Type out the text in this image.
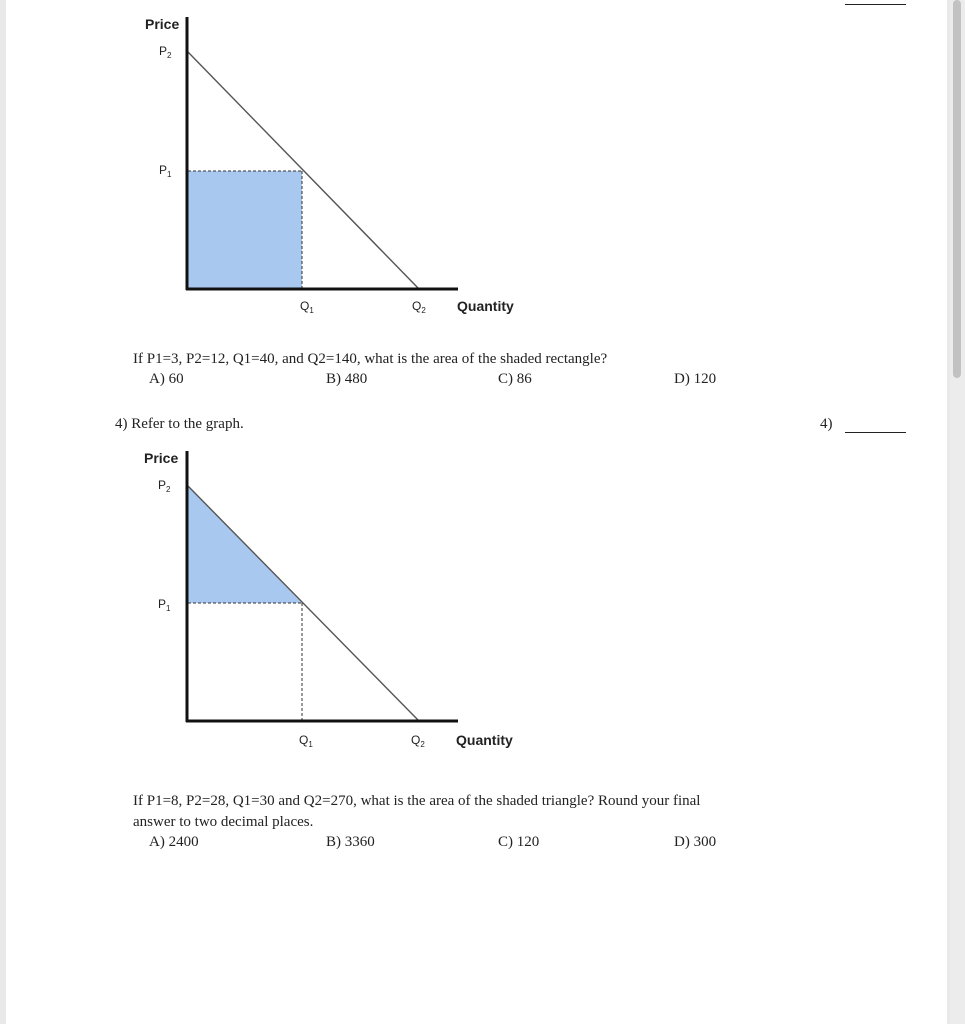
Price
$P_2$
$P_1$
$Q_1$	$Q_2$ Quantity
If P1=3, P2=12, Q1=40, and Q2=140, what is the area of the shaded rectangle?
A) 60	B) 480	C) 86	D) 120
4) Refer to the graph.	4)
Price
$P_2$
$P_1$
$Q_1$	$Q_2$ Quantity
If P1=8, P2=28, Q1=30 and Q2=270, what is the area of the shaded triangle? Round your final
answer to two decimal places.
A) 2400	B) 3360	C) 120	D) 300
